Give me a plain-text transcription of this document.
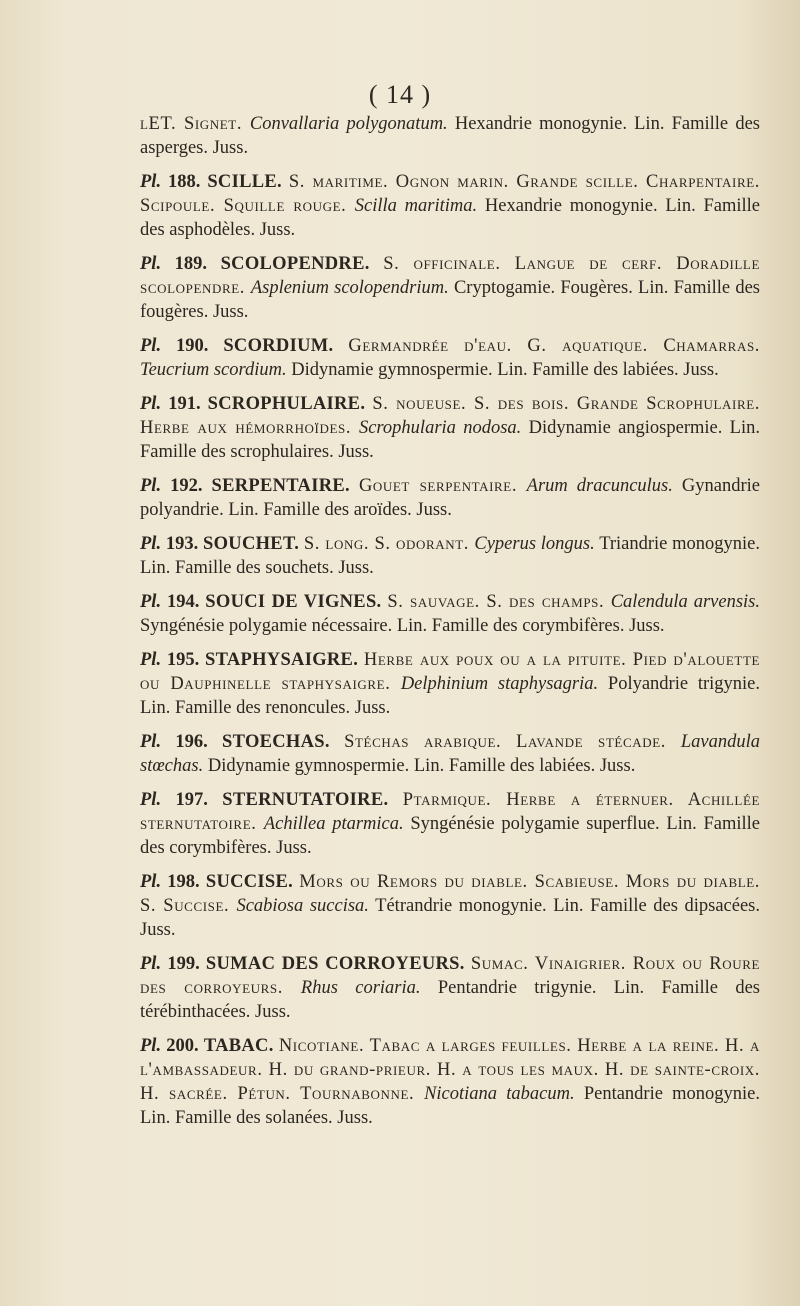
( 14 )

lET. Signet. Convallaria polygonatum. Hexandrie monogynie. Lin. Famille des asperges. Juss.

Pl. 188. SCILLE. S. maritime. Ognon marin. Grande scille. Charpentaire. Scipoule. Squille rouge. Scilla maritima. Hexandrie monogynie. Lin. Famille des asphodèles. Juss.

Pl. 189. SCOLOPENDRE. S. officinale. Langue de cerf. Doradille scolopendre. Asplenium scolopendrium. Cryptogamie. Fougères. Lin. Famille des fougères. Juss.

Pl. 190. SCORDIUM. Germandrée d'eau. G. aquatique. Chamarras. Teucrium scordium. Didynamie gymnospermie. Lin. Famille des labiées. Juss.

Pl. 191. SCROPHULAIRE. S. noueuse. S. des bois. Grande Scrophulaire. Herbe aux hémorrhoïdes. Scrophularia nodosa. Didynamie angiospermie. Lin. Famille des scrophulaires. Juss.

Pl. 192. SERPENTAIRE. Gouet serpentaire. Arum dracunculus. Gynandrie polyandrie. Lin. Famille des aroïdes. Juss.

Pl. 193. SOUCHET. S. long. S. odorant. Cyperus longus. Triandrie monogynie. Lin. Famille des souchets. Juss.

Pl. 194. SOUCI DE VIGNES. S. sauvage. S. des champs. Calendula arvensis. Syngénésie polygamie nécessaire. Lin. Famille des corymbifères. Juss.

Pl. 195. STAPHYSAIGRE. Herbe aux poux ou a la pituite. Pied d'alouette ou Dauphinelle staphysaigre. Delphinium staphysagria. Polyandrie trigynie. Lin. Famille des renoncules. Juss.

Pl. 196. STOECHAS. Stéchas arabique. Lavande stécade. Lavandula stœchas. Didynamie gymnospermie. Lin. Famille des labiées. Juss.

Pl. 197. STERNUTATOIRE. Ptarmique. Herbe a éternuer. Achillée sternutatoire. Achillea ptarmica. Syngénésie polygamie superflue. Lin. Famille des corymbifères. Juss.

Pl. 198. SUCCISE. Mors ou Remors du diable. Scabieuse. Mors du diable. S. Succise. Scabiosa succisa. Tétrandrie monogynie. Lin. Famille des dipsacées. Juss.

Pl. 199. SUMAC DES CORROYEURS. Sumac. Vinaigrier. Roux ou Roure des corroyeurs. Rhus coriaria. Pentandrie trigynie. Lin. Famille des térébinthacées. Juss.

Pl. 200. TABAC. Nicotiane. Tabac a larges feuilles. Herbe a la reine. H. a l'ambassadeur. H. du grand-prieur. H. a tous les maux. H. de sainte-croix. H. sacrée. Pétun. Tournabonne. Nicotiana tabacum. Pentandrie monogynie. Lin. Famille des solanées. Juss.
